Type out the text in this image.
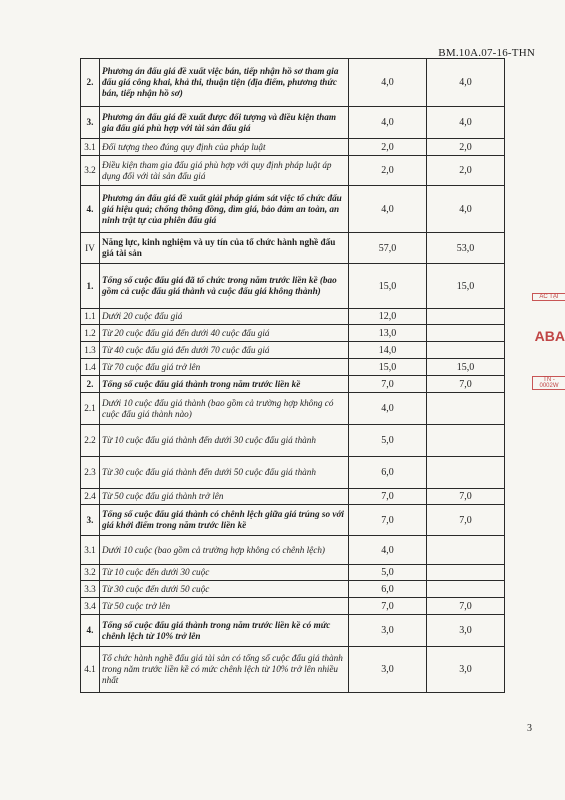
BM.10A.07-16-THN
2.	Phương án đấu giá đề xuất việc bán, tiếp nhận hồ sơ tham gia đấu giá công khai, khả thi, thuận tiện (địa điểm, phương thức bán, tiếp nhận hồ sơ)	4,0	4,0
3.	Phương án đấu giá đề xuất được đối tượng và điều kiện tham gia đấu giá phù hợp với tài sản đấu giá	4,0	4,0
3.1	Đối tượng theo đúng quy định của pháp luật	2,0	2,0
3.2	Điều kiện tham gia đấu giá phù hợp với quy định pháp luật áp dụng đối với tài sản đấu giá	2,0	2,0
4.	Phương án đấu giá đề xuất giải pháp giám sát việc tổ chức đấu giá hiệu quả; chống thông đồng, dìm giá, bảo đảm an toàn, an ninh trật tự của phiên đấu giá	4,0	4,0
IV	Năng lực, kinh nghiệm và uy tín của tổ chức hành nghề đấu giá tài sản	57,0	53,0
1.	Tổng số cuộc đấu giá đã tổ chức trong năm trước liền kề (bao gồm cả cuộc đấu giá thành và cuộc đấu giá không thành)	15,0	15,0
1.1	Dưới 20 cuộc đấu giá	12,0	
1.2	Từ 20 cuộc đấu giá đến dưới 40 cuộc đấu giá	13,0	
1.3	Từ 40 cuộc đấu giá đến dưới 70 cuộc đấu giá	14,0	
1.4	Từ 70 cuộc đấu giá trở lên	15,0	15,0
2.	Tổng số cuộc đấu giá thành trong năm trước liền kề	7,0	7,0
2.1	Dưới 10 cuộc đấu giá thành (bao gồm cả trường hợp không có cuộc đấu giá thành nào)	4,0	
2.2	Từ 10 cuộc đấu giá thành đến dưới 30 cuộc đấu giá thành	5,0	
2.3	Từ 30 cuộc đấu giá thành đến dưới 50 cuộc đấu giá thành	6,0	
2.4	Từ 50 cuộc đấu giá thành trở lên	7,0	7,0
3.	Tổng số cuộc đấu giá thành có chênh lệch giữa giá trúng so với giá khởi điểm trong năm trước liền kề	7,0	7,0
3.1	Dưới 10 cuộc (bao gồm cả trường hợp không có chênh lệch)	4,0	
3.2	Từ 10 cuộc đến dưới 30 cuộc	5,0	
3.3	Từ 30 cuộc đến dưới 50 cuộc	6,0	
3.4	Từ 50 cuộc trở lên	7,0	7,0
4.	Tổng số cuộc đấu giá thành trong năm trước liền kề có mức chênh lệch từ 10% trở lên	3,0	3,0
4.1	Tổ chức hành nghề đấu giá tài sản có tổng số cuộc đấu giá thành trong năm trước liền kề có mức chênh lệch từ 10% trở lên nhiều nhất	3,0	3,0
AC TẠI
ABA
TN - 0002W
3
